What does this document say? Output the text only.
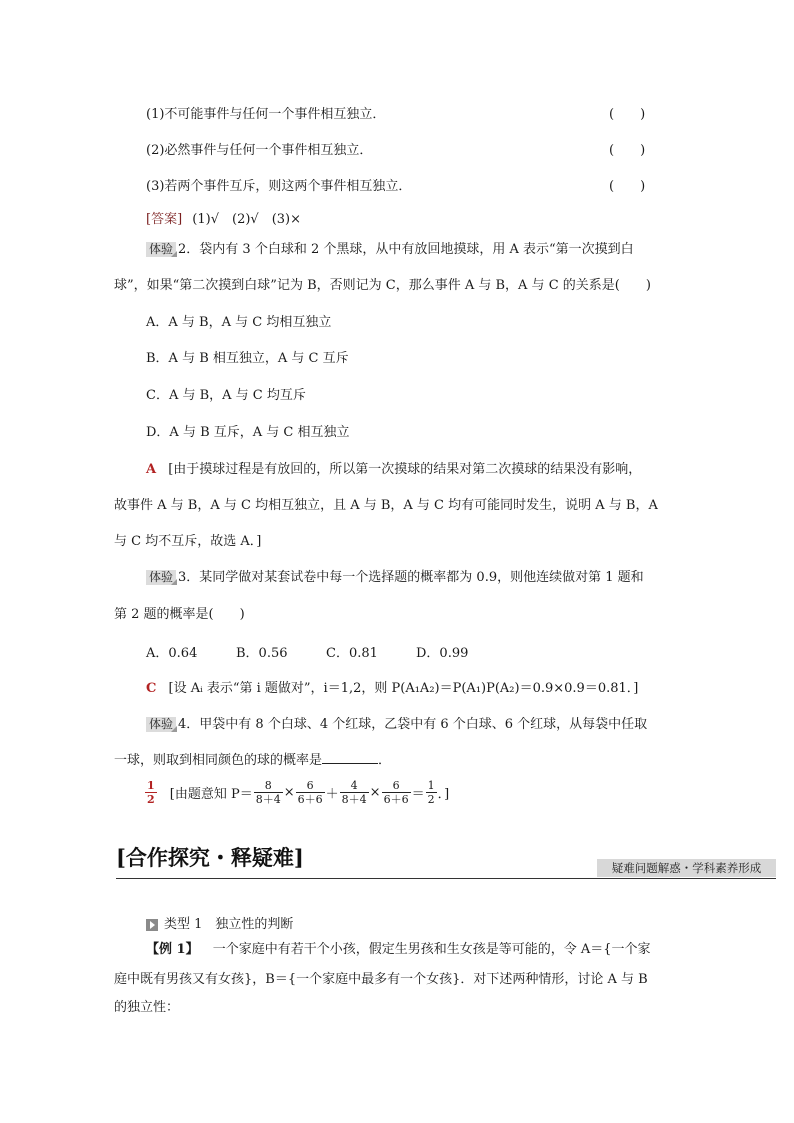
(1)不可能事件与任何一个事件相互独立．	(　　)
(2)必然事件与任何一个事件相互独立．	(　　)
(3)若两个事件互斥，则这两个事件相互独立．	(　　)
[答案] (1)√　(2)√　(3)×
体验 2．袋内有 3 个白球和 2 个黑球，从中有放回地摸球，用 A 表示“第一次摸到白
球”，如果“第二次摸到白球”记为 B，否则记为 C，那么事件 A 与 B，A 与 C 的关系是(　　)
A．A 与 B，A 与 C 均相互独立
B．A 与 B 相互独立，A 与 C 互斥
C．A 与 B，A 与 C 均互斥
D．A 与 B 互斥，A 与 C 相互独立
A [由于摸球过程是有放回的，所以第一次摸球的结果对第二次摸球的结果没有影响，
故事件 A 与 B，A 与 C 均相互独立，且 A 与 B，A 与 C 均有可能同时发生，说明 A 与 B，A
与 C 均不互斥，故选 A．]
体验 3．某同学做对某套试卷中每一个选择题的概率都为 0.9，则他连续做对第 1 题和
第 2 题的概率是(　　)
A．0.64	B．0.56	C．0.81	D．0.99
C [设 Aᵢ 表示“第 i 题做对”，i＝1,2，则 P(A₁A₂)＝P(A₁)P(A₂)＝0.9×0.9＝0.81．]
体验 4．甲袋中有 8 个白球、4 个红球，乙袋中有 6 个白球、6 个红球，从每袋中任取
一球，则取到相同颜色的球的概率是	．
$\frac{1}{2}$ [由题意知 $P= \frac{8}{8+4} \times \frac{6}{6+6} + \frac{4}{8+4} \times \frac{6}{6+6} = \frac{1}{2}$ ．]
[合作探究・释疑难]	疑难问题解惑・学科素养形成
类型 1　独立性的判断
【例 1】 一个家庭中有若干个小孩，假定生男孩和生女孩是等可能的，令 A＝{一个家
庭中既有男孩又有女孩}，B＝{一个家庭中最多有一个女孩}．对下述两种情形，讨论 A 与 B
的独立性：
